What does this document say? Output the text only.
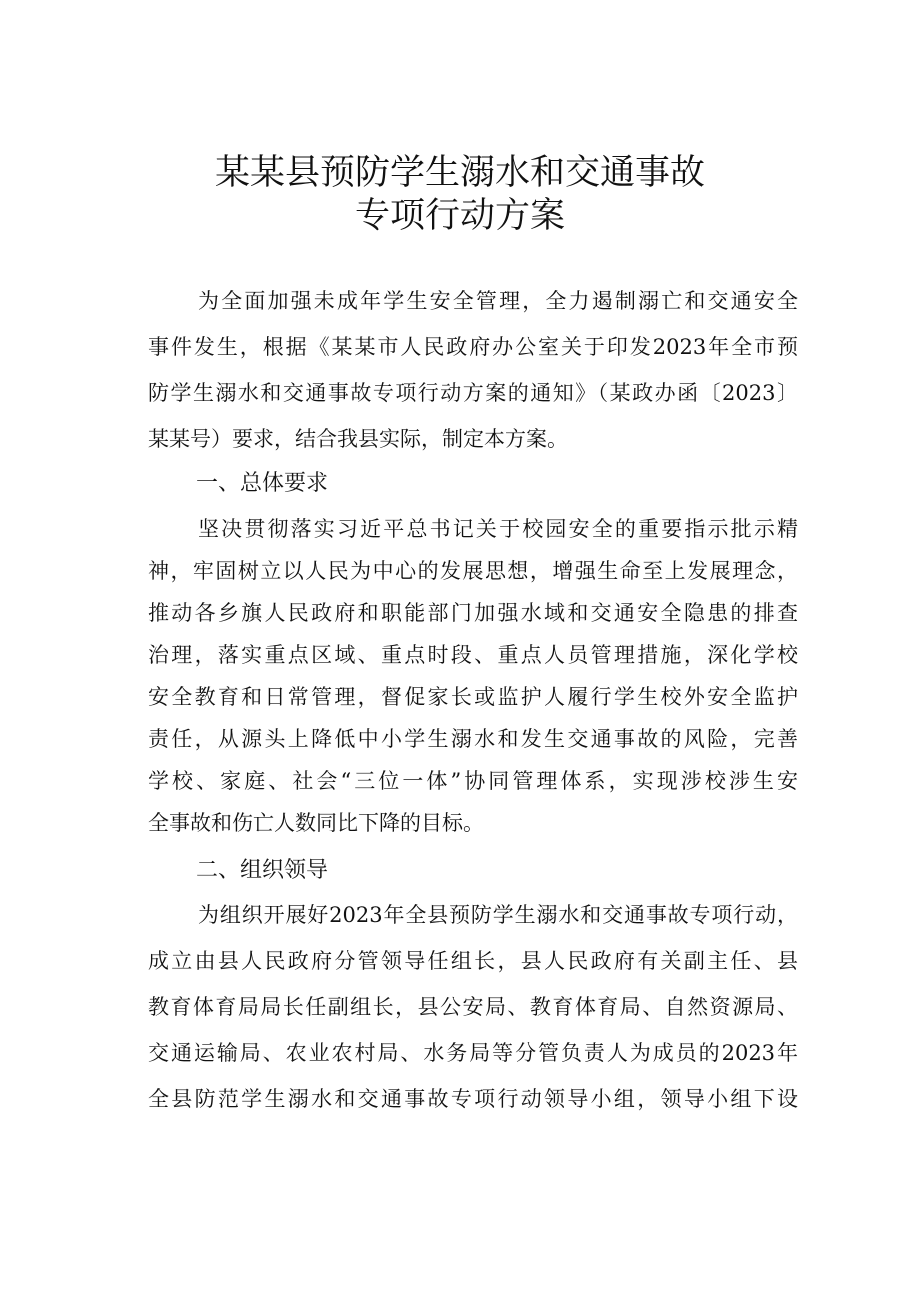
某某县预防学生溺水和交通事故
专项行动方案
为全面加强未成年学生安全管理，全力遏制溺亡和交通安全
事件发生，根据《某某市人民政府办公室关于印发2023年全市预
防学生溺水和交通事故专项行动方案的通知》（某政办函〔2023〕
某某号）要求，结合我县实际，制定本方案。
一、总体要求
坚决贯彻落实习近平总书记关于校园安全的重要指示批示精
神，牢固树立以人民为中心的发展思想，增强生命至上发展理念，
推动各乡旗人民政府和职能部门加强水域和交通安全隐患的排查
治理，落实重点区域、重点时段、重点人员管理措施，深化学校
安全教育和日常管理，督促家长或监护人履行学生校外安全监护
责任，从源头上降低中小学生溺水和发生交通事故的风险，完善
学校、家庭、社会“三位一体”协同管理体系，实现涉校涉生安
全事故和伤亡人数同比下降的目标。
二、组织领导
为组织开展好2023年全县预防学生溺水和交通事故专项行动，
成立由县人民政府分管领导任组长，县人民政府有关副主任、县
教育体育局局长任副组长，县公安局、教育体育局、自然资源局、
交通运输局、农业农村局、水务局等分管负责人为成员的2023年
全县防范学生溺水和交通事故专项行动领导小组，领导小组下设
